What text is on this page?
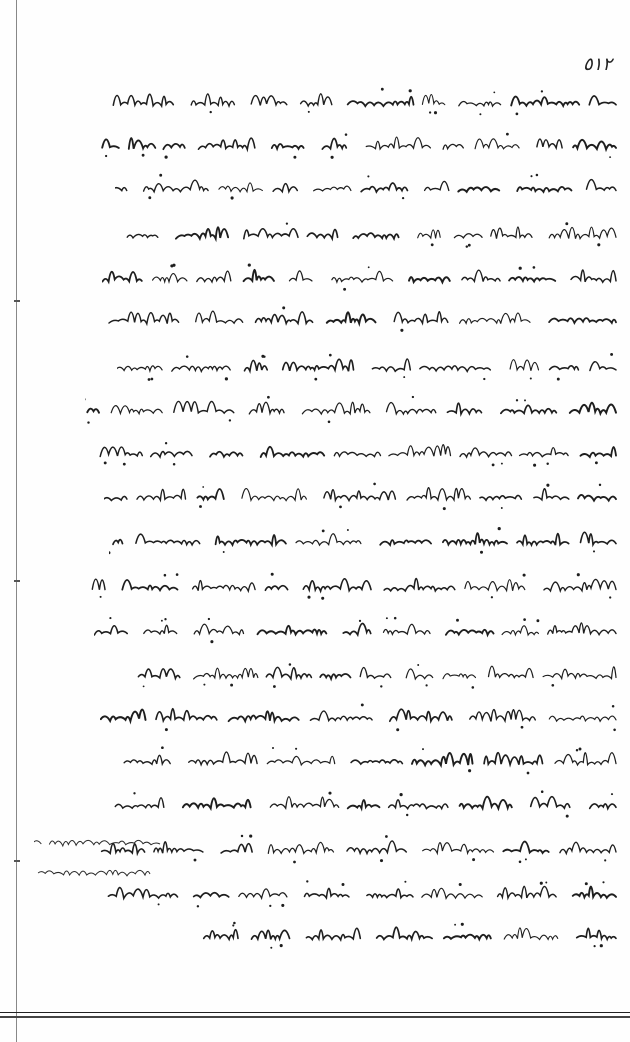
٥١٢
